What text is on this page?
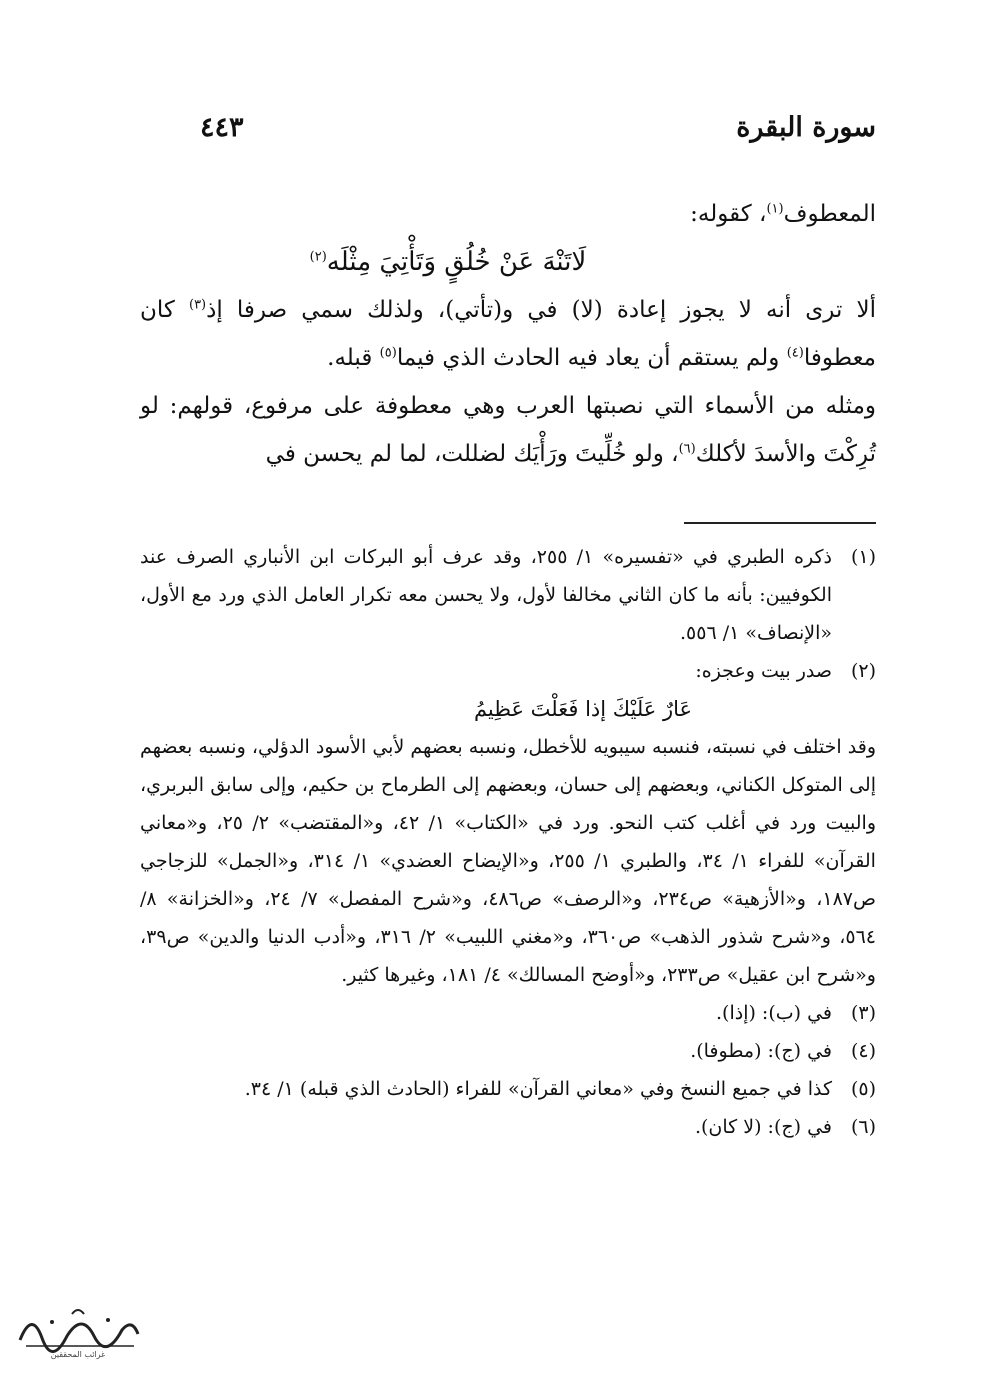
سورة البقرة
٤٤٣

المعطوف$^{(١)}$، كقوله:

لَاتَنْهَ عَنْ خُلُقٍ وَتَأْتِيَ مِثْلَه$^{(٢)}$

ألا ترى أنه لا يجوز إعادة (لا) في و(تأتي)، ولذلك سمي صرفا إذ$^{(٣)}$ كان معطوفا$^{(٤)}$ ولم يستقم أن يعاد فيه الحادث الذي فيما$^{(٥)}$ قبله.

ومثله من الأسماء التي نصبتها العرب وهي معطوفة على مرفوع، قولهم: لو تُرِكْتَ والأسدَ لأكلك$^{(٦)}$، ولو خُلِّيتَ ورَأْيَك لضللت، لما لم يحسن في

(١)
ذكره الطبري في «تفسيره» ١/ ٢٥٥، وقد عرف أبو البركات ابن الأنباري الصرف عند الكوفيين: بأنه ما كان الثاني مخالفا لأول، ولا يحسن معه تكرار العامل الذي ورد مع الأول، «الإنصاف» ١/ ٥٥٦.
(٢)
صدر بيت وعجزه:
عَارٌ عَلَيْكَ إذا فَعَلْتَ عَظِيمُ
وقد اختلف في نسبته، فنسبه سيبويه للأخطل، ونسبه بعضهم لأبي الأسود الدؤلي، ونسبه بعضهم إلى المتوكل الكناني، وبعضهم إلى حسان، وبعضهم إلى الطرماح بن حكيم، وإلى سابق البربري، والبيت ورد في أغلب كتب النحو. ورد في «الكتاب» ١/ ٤٢، و«المقتضب» ٢/ ٢٥، و«معاني القرآن» للفراء ١/ ٣٤، والطبري ١/ ٢٥٥، و«الإيضاح العضدي» ١/ ٣١٤، و«الجمل» للزجاجي ص١٨٧، و«الأزهية» ص٢٣٤، و«الرصف» ص٤٨٦، و«شرح المفصل» ٧/ ٢٤، و«الخزانة» ٨/ ٥٦٤، و«شرح شذور الذهب» ص٣٦٠، و«مغني اللبيب» ٢/ ٣١٦، و«أدب الدنيا والدين» ص٣٩، و«شرح ابن عقيل» ص٢٣٣، و«أوضح المسالك» ٤/ ١٨١، وغيرها كثير.
(٣)
في (ب): (إذا).
(٤)
في (ج): (مطوفا).
(٥)
كذا في جميع النسخ وفي «معاني القرآن» للفراء (الحادث الذي قبله) ١/ ٣٤.
(٦)
في (ج): (لا كان).
غرائب المحققين
